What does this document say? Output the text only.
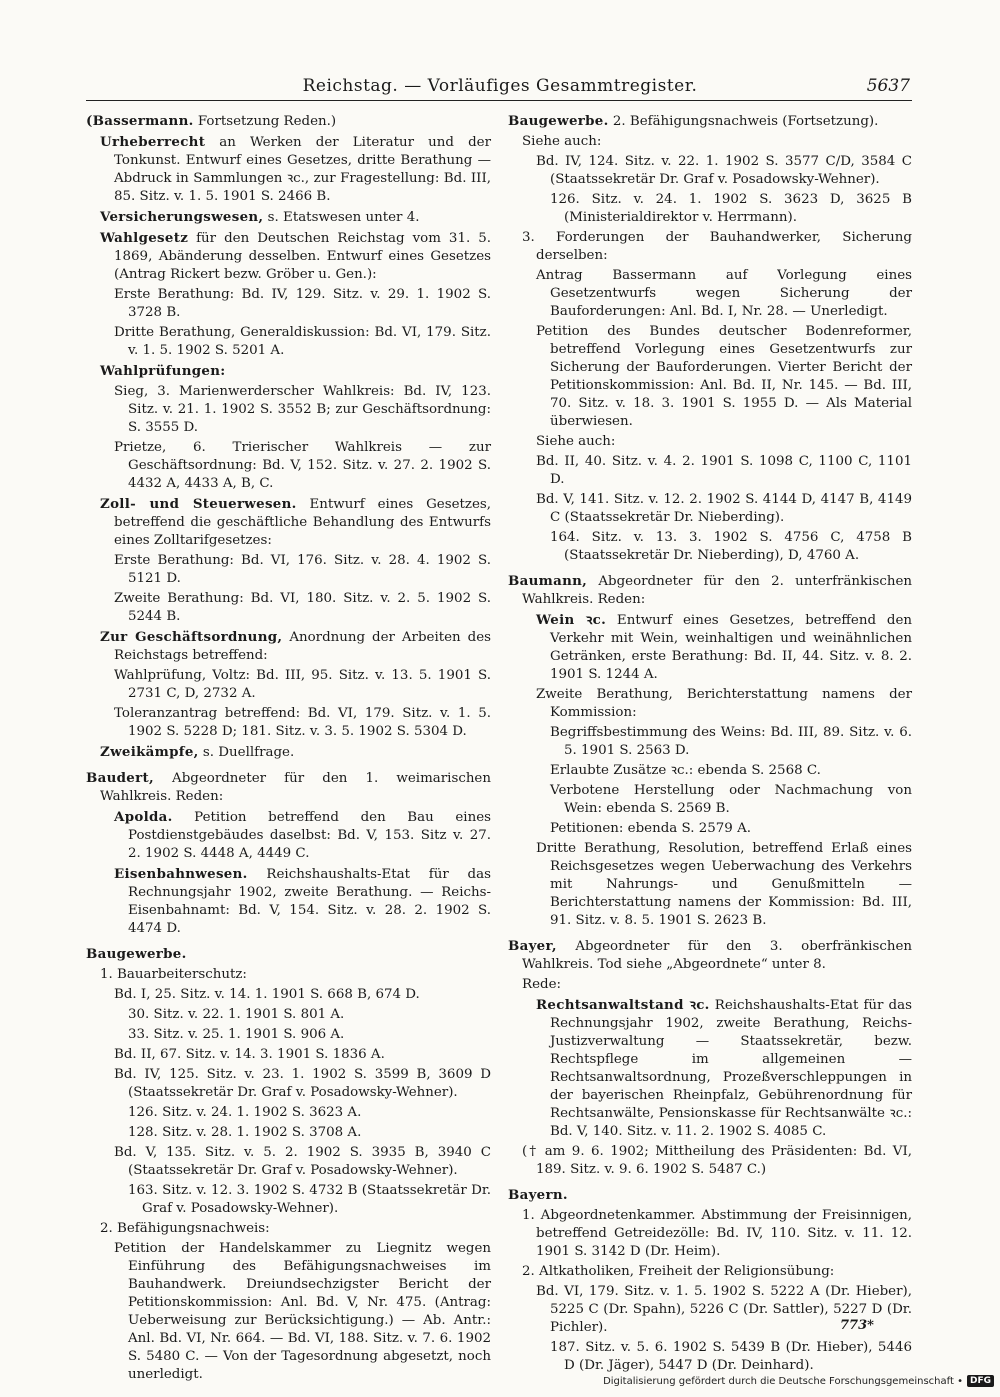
Reichstag. — Vorläufiges Gesammtregister.	5637

(Bassermann. Fortsetzung Reden.)

Urheberrecht an Werken der Literatur und der Tonkunst. Entwurf eines Gesetzes, dritte Berathung — Abdruck in Sammlungen ꝛc., zur Fragestellung: Bd. III, 85. Sitz. v. 1. 5. 1901 S. 2466 B.

Versicherungswesen, s. Etatswesen unter 4.

Wahlgesetz für den Deutschen Reichstag vom 31. 5. 1869, Abänderung desselben. Entwurf eines Gesetzes (Antrag Rickert bezw. Gröber u. Gen.):

Erste Berathung: Bd. IV, 129. Sitz. v. 29. 1. 1902 S. 3728 B.

Dritte Berathung, Generaldiskussion: Bd. VI, 179. Sitz. v. 1. 5. 1902 S. 5201 A.

Wahlprüfungen:

Sieg, 3. Marienwerderscher Wahlkreis: Bd. IV, 123. Sitz. v. 21. 1. 1902 S. 3552 B; zur Geschäftsordnung: S. 3555 D.

Prietze, 6. Trierischer Wahlkreis — zur Geschäftsordnung: Bd. V, 152. Sitz. v. 27. 2. 1902 S. 4432 A, 4433 A, B, C.

Zoll- und Steuerwesen. Entwurf eines Gesetzes, betreffend die geschäftliche Behandlung des Entwurfs eines Zolltarifgesetzes:

Erste Berathung: Bd. VI, 176. Sitz. v. 28. 4. 1902 S. 5121 D.

Zweite Berathung: Bd. VI, 180. Sitz. v. 2. 5. 1902 S. 5244 B.

Zur Geschäftsordnung, Anordnung der Arbeiten des Reichstags betreffend:

Wahlprüfung, Voltz: Bd. III, 95. Sitz. v. 13. 5. 1901 S. 2731 C, D, 2732 A.

Toleranzantrag betreffend: Bd. VI, 179. Sitz. v. 1. 5. 1902 S. 5228 D; 181. Sitz. v. 3. 5. 1902 S. 5304 D.

Zweikämpfe, s. Duellfrage.

Baudert, Abgeordneter für den 1. weimarischen Wahlkreis. Reden:

Apolda. Petition betreffend den Bau eines Postdienstgebäudes daselbst: Bd. V, 153. Sitz v. 27. 2. 1902 S. 4448 A, 4449 C.

Eisenbahnwesen. Reichshaushalts-Etat für das Rechnungsjahr 1902, zweite Berathung. — Reichs-Eisenbahnamt: Bd. V, 154. Sitz. v. 28. 2. 1902 S. 4474 D.

Baugewerbe.

1. Bauarbeiterschutz:

Bd. I, 25. Sitz. v. 14. 1. 1901 S. 668 B, 674 D.

30. Sitz. v. 22. 1. 1901 S. 801 A.

33. Sitz. v. 25. 1. 1901 S. 906 A.

Bd. II, 67. Sitz. v. 14. 3. 1901 S. 1836 A.

Bd. IV, 125. Sitz. v. 23. 1. 1902 S. 3599 B, 3609 D (Staatssekretär Dr. Graf v. Posadowsky-Wehner).

126. Sitz. v. 24. 1. 1902 S. 3623 A.

128. Sitz. v. 28. 1. 1902 S. 3708 A.

Bd. V, 135. Sitz. v. 5. 2. 1902 S. 3935 B, 3940 C (Staatssekretär Dr. Graf v. Posadowsky-Wehner).

163. Sitz. v. 12. 3. 1902 S. 4732 B (Staatssekretär Dr. Graf v. Posadowsky-Wehner).

2. Befähigungsnachweis:

Petition der Handelskammer zu Liegnitz wegen Einführung des Befähigungsnachweises im Bauhandwerk. Dreiundsechzigster Bericht der Petitionskommission: Anl. Bd. V, Nr. 475. (Antrag: Ueberweisung zur Berücksichtigung.) — Ab. Antr.: Anl. Bd. VI, Nr. 664. — Bd. VI, 188. Sitz. v. 7. 6. 1902 S. 5480 C. — Von der Tagesordnung abgesetzt, noch unerledigt.

Baugewerbe. 2. Befähigungsnachweis (Fortsetzung).

Siehe auch:

Bd. IV, 124. Sitz. v. 22. 1. 1902 S. 3577 C/D, 3584 C (Staatssekretär Dr. Graf v. Posadowsky-Wehner).

126. Sitz. v. 24. 1. 1902 S. 3623 D, 3625 B (Ministerialdirektor v. Herrmann).

3. Forderungen der Bauhandwerker, Sicherung derselben:

Antrag Bassermann auf Vorlegung eines Gesetzentwurfs wegen Sicherung der Bauforderungen: Anl. Bd. I, Nr. 28. — Unerledigt.

Petition des Bundes deutscher Bodenreformer, betreffend Vorlegung eines Gesetzentwurfs zur Sicherung der Bauforderungen. Vierter Bericht der Petitionskommission: Anl. Bd. II, Nr. 145. — Bd. III, 70. Sitz. v. 18. 3. 1901 S. 1955 D. — Als Material überwiesen.

Siehe auch:

Bd. II, 40. Sitz. v. 4. 2. 1901 S. 1098 C, 1100 C, 1101 D.

Bd. V, 141. Sitz. v. 12. 2. 1902 S. 4144 D, 4147 B, 4149 C (Staatssekretär Dr. Nieberding).

164. Sitz. v. 13. 3. 1902 S. 4756 C, 4758 B (Staatssekretär Dr. Nieberding), D, 4760 A.

Baumann, Abgeordneter für den 2. unterfränkischen Wahlkreis. Reden:

Wein ꝛc. Entwurf eines Gesetzes, betreffend den Verkehr mit Wein, weinhaltigen und weinähnlichen Getränken, erste Berathung: Bd. II, 44. Sitz. v. 8. 2. 1901 S. 1244 A.

Zweite Berathung, Berichterstattung namens der Kommission:

Begriffsbestimmung des Weins: Bd. III, 89. Sitz. v. 6. 5. 1901 S. 2563 D.

Erlaubte Zusätze ꝛc.: ebenda S. 2568 C.

Verbotene Herstellung oder Nachmachung von Wein: ebenda S. 2569 B.

Petitionen: ebenda S. 2579 A.

Dritte Berathung, Resolution, betreffend Erlaß eines Reichsgesetzes wegen Ueberwachung des Verkehrs mit Nahrungs- und Genußmitteln — Berichterstattung namens der Kommission: Bd. III, 91. Sitz. v. 8. 5. 1901 S. 2623 B.

Bayer, Abgeordneter für den 3. oberfränkischen Wahlkreis. Tod siehe „Abgeordnete“ unter 8.

Rede:

Rechtsanwaltstand ꝛc. Reichshaushalts-Etat für das Rechnungsjahr 1902, zweite Berathung, Reichs-Justizverwaltung — Staatssekretär, bezw. Rechtspflege im allgemeinen — Rechtsanwaltsordnung, Prozeßverschleppungen in der bayerischen Rheinpfalz, Gebührenordnung für Rechtsanwälte, Pensionskasse für Rechtsanwälte ꝛc.: Bd. V, 140. Sitz. v. 11. 2. 1902 S. 4085 C.

(† am 9. 6. 1902; Mittheilung des Präsidenten: Bd. VI, 189. Sitz. v. 9. 6. 1902 S. 5487 C.)

Bayern.

1. Abgeordnetenkammer. Abstimmung der Freisinnigen, betreffend Getreidezölle: Bd. IV, 110. Sitz. v. 11. 12. 1901 S. 3142 D (Dr. Heim).

2. Altkatholiken, Freiheit der Religionsübung:

Bd. VI, 179. Sitz. v. 1. 5. 1902 S. 5222 A (Dr. Hieber), 5225 C (Dr. Spahn), 5226 C (Dr. Sattler), 5227 D (Dr. Pichler).

187. Sitz. v. 5. 6. 1902 S. 5439 B (Dr. Hieber), 5446 D (Dr. Jäger), 5447 D (Dr. Deinhard).

773*
Digitalisierung gefördert durch die Deutsche Forschungsgemeinschaft • DFG
